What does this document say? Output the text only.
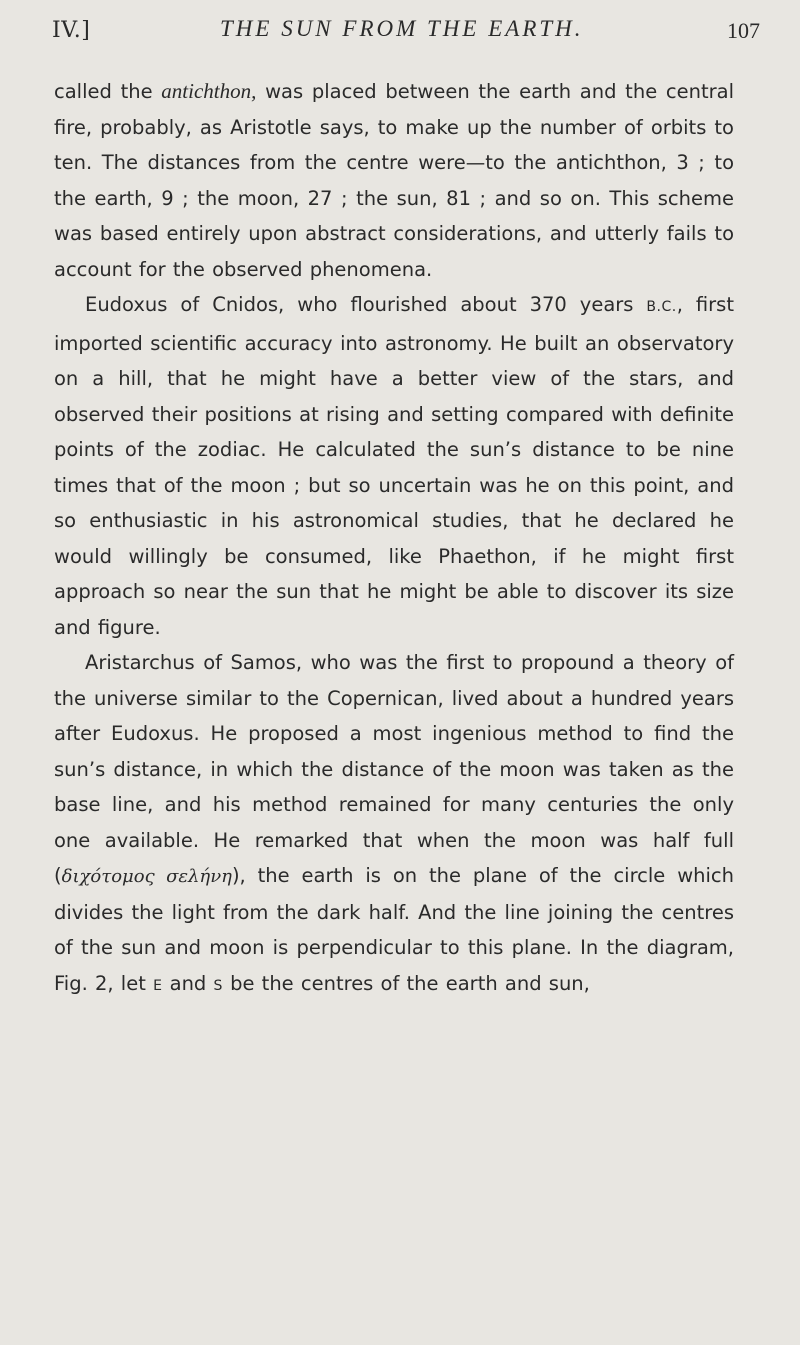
IV.]	THE SUN FROM THE EARTH.	107

called the antichthon, was placed between the earth and the central fire, probably, as Aristotle says, to make up the number of orbits to ten. The distances from the centre were—to the antichthon, 3 ; to the earth, 9 ; the moon, 27 ; the sun, 81 ; and so on. This scheme was based entirely upon abstract considerations, and utterly fails to account for the observed phenomena.

Eudoxus of Cnidos, who flourished about 370 years B.C., first imported scientific accuracy into astronomy. He built an observatory on a hill, that he might have a better view of the stars, and observed their positions at rising and setting compared with definite points of the zodiac. He calculated the sun’s distance to be nine times that of the moon ; but so uncertain was he on this point, and so enthusiastic in his astronomical studies, that he declared he would willingly be consumed, like Phaethon, if he might first approach so near the sun that he might be able to discover its size and figure.

Aristarchus of Samos, who was the first to propound a theory of the universe similar to the Copernican, lived about a hundred years after Eudoxus. He proposed a most ingenious method to find the sun’s distance, in which the distance of the moon was taken as the base line, and his method remained for many centuries the only one available. He remarked that when the moon was half full (διχότομος σελήνη), the earth is on the plane of the circle which divides the light from the dark half. And the line joining the centres of the sun and moon is perpendicular to this plane. In the diagram, Fig. 2, let E and S be the centres of the earth and sun,
